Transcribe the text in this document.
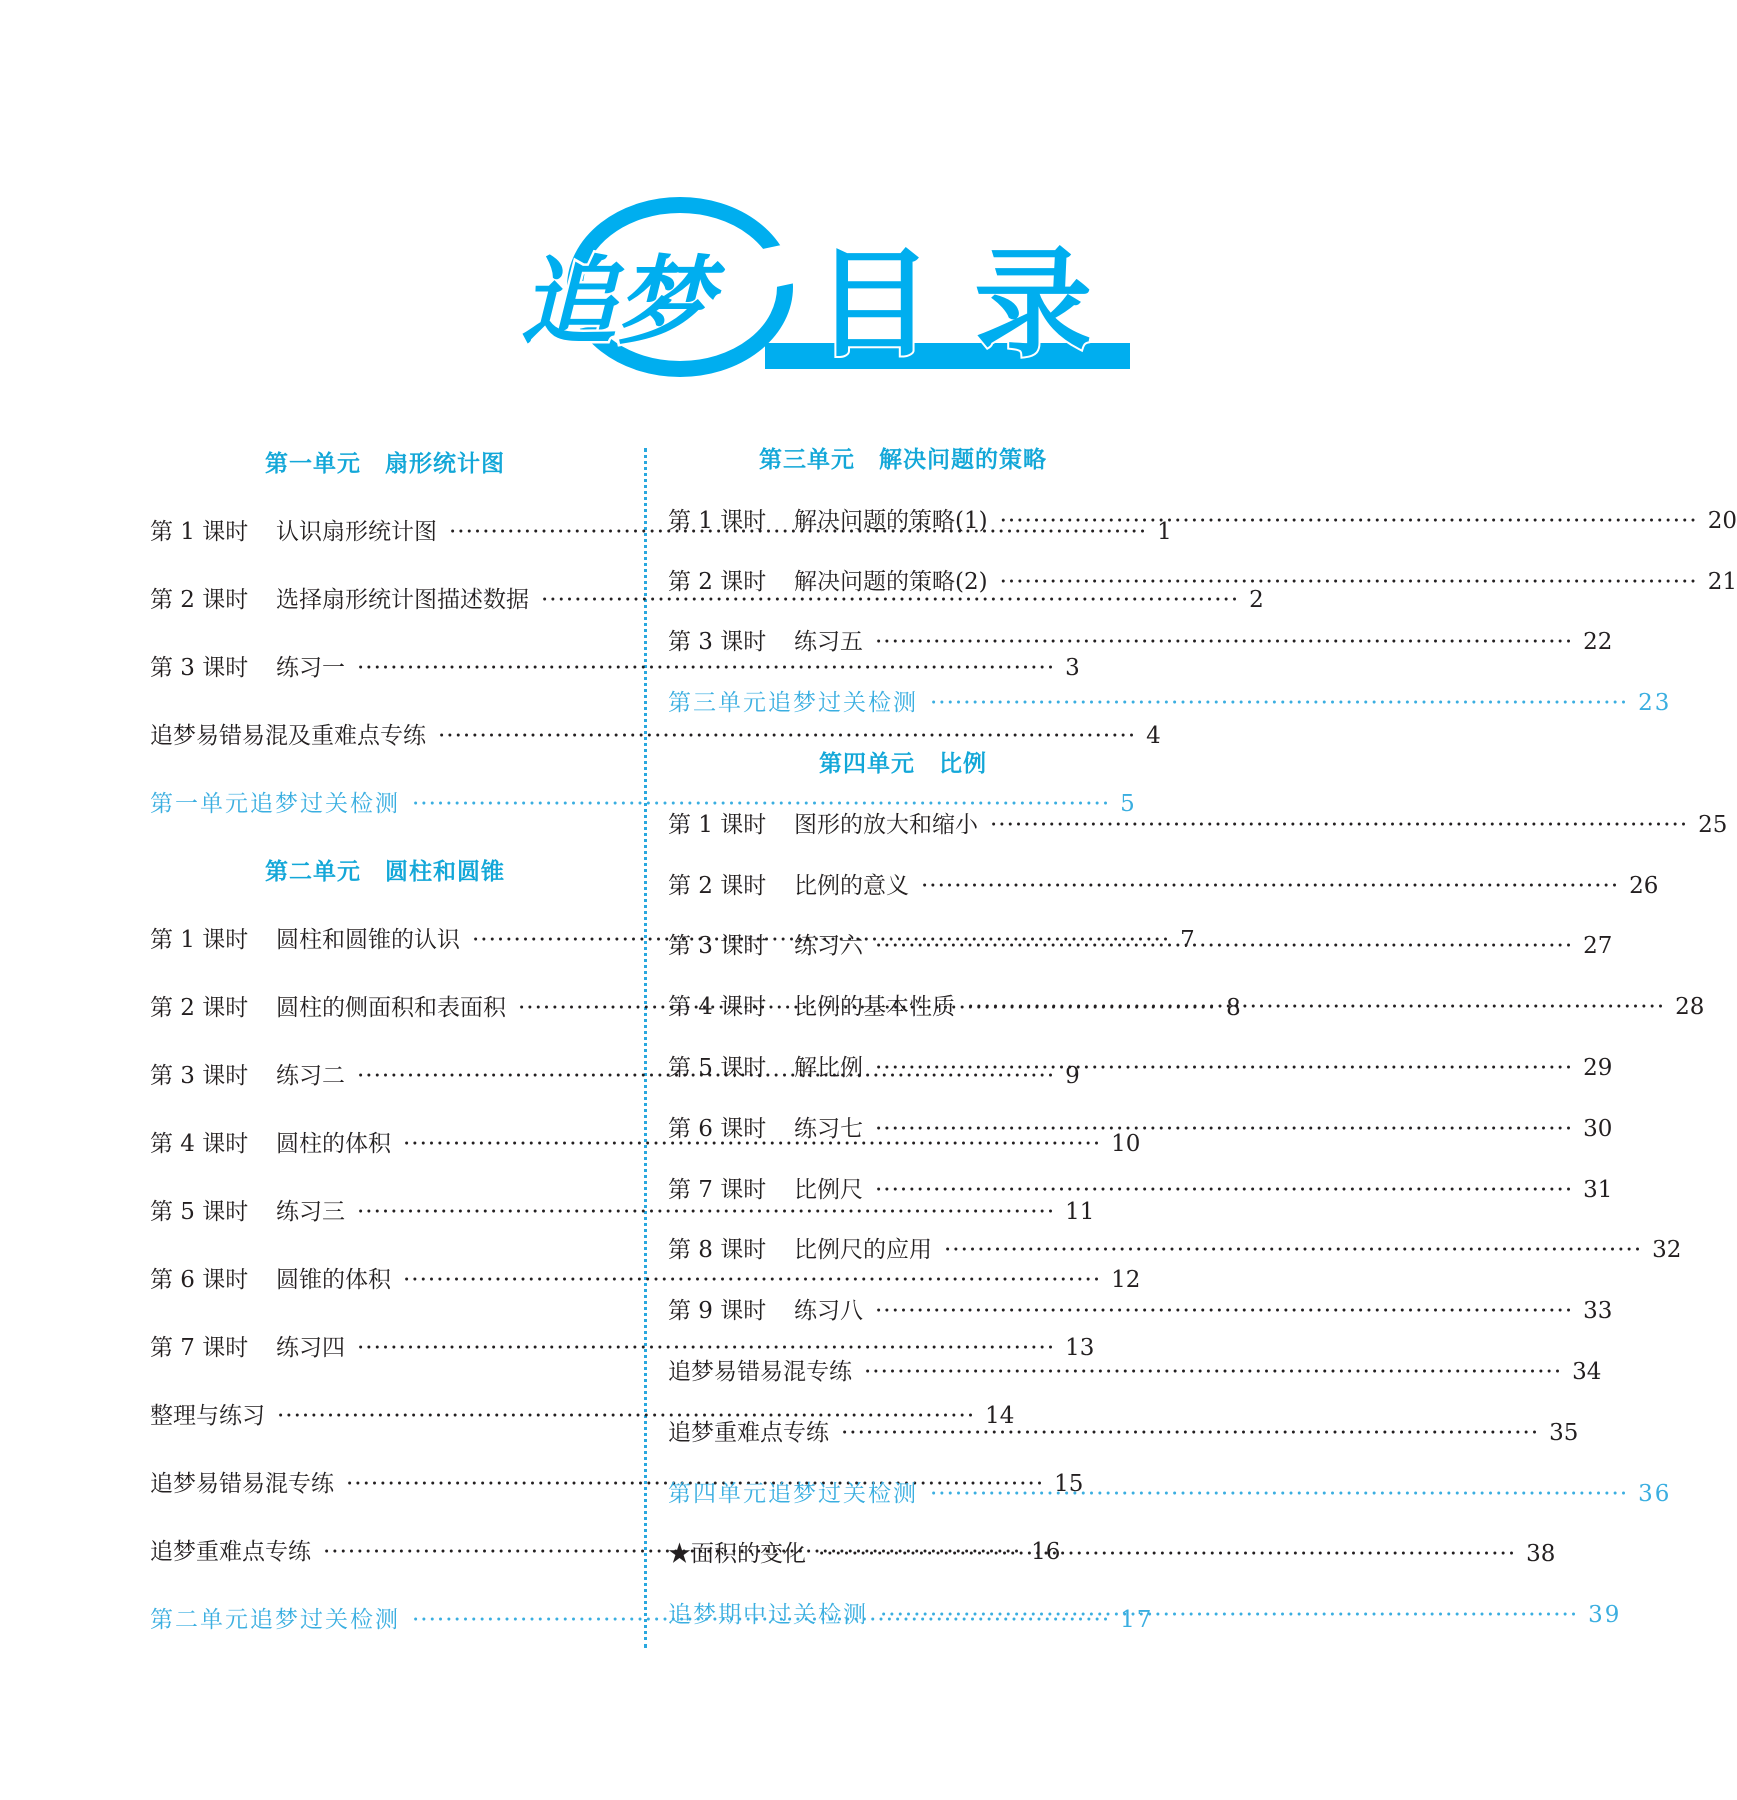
追梦 目 录
第一单元　扇形统计图
第 1 课时	认识扇形统计图 ·····	1
第 2 课时	选择扇形统计图描述数据 ·····	2
第 3 课时	练习一 ·····	3
追梦易错易混及重难点专练 ·····	4
第一单元追梦过关检测 ·····	5
第二单元　圆柱和圆锥
第 1 课时	圆柱和圆锥的认识 ·····	7
第 2 课时	圆柱的侧面积和表面积 ·····	8
第 3 课时	练习二 ·····	9
第 4 课时	圆柱的体积 ·····	10
第 5 课时	练习三 ·····	11
第 6 课时	圆锥的体积 ·····	12
第 7 课时	练习四 ·····	13
整理与练习 ·····	14
追梦易错易混专练 ·····	15
追梦重难点专练 ·····	16
第二单元追梦过关检测 ·····	17
第三单元　解决问题的策略
第 1 课时	解决问题的策略(1) ·····	20
第 2 课时	解决问题的策略(2) ·····	21
第 3 课时	练习五 ·····	22
第三单元追梦过关检测 ·····	23
第四单元　比例
第 1 课时	图形的放大和缩小 ·····	25
第 2 课时	比例的意义 ·····	26
第 3 课时	练习六 ·····	27
第 4 课时	比例的基本性质 ·····	28
第 5 课时	解比例 ·····	29
第 6 课时	练习七 ·····	30
第 7 课时	比例尺 ·····	31
第 8 课时	比例尺的应用 ·····	32
第 9 课时	练习八 ·····	33
追梦易错易混专练 ·····	34
追梦重难点专练 ·····	35
第四单元追梦过关检测 ·····	36
★面积的变化 ·····	38
追梦期中过关检测 ·····	39
